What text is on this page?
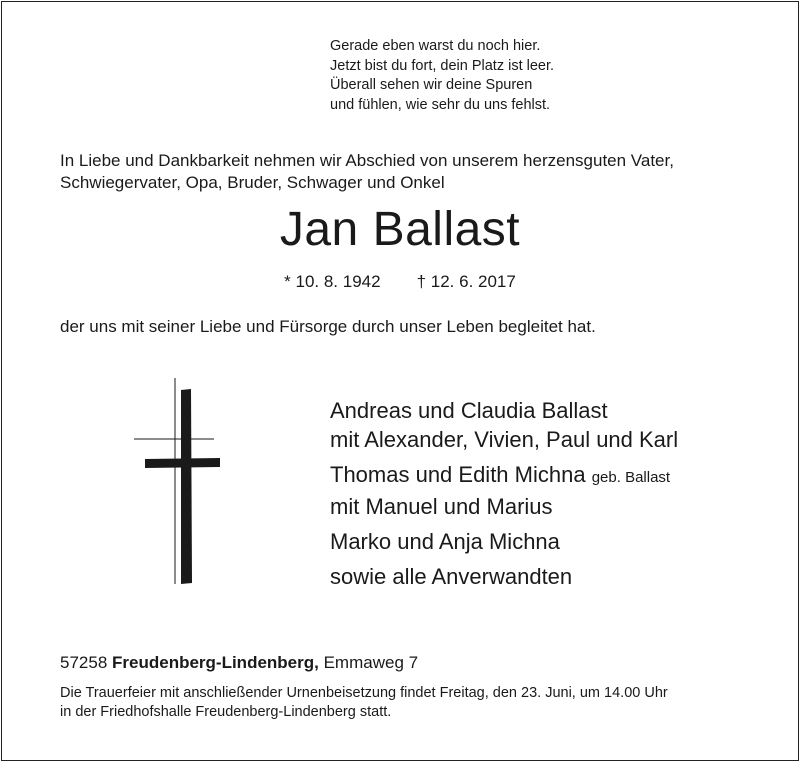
Gerade eben warst du noch hier.
Jetzt bist du fort, dein Platz ist leer.
Überall sehen wir deine Spuren
und fühlen, wie sehr du uns fehlst.
In Liebe und Dankbarkeit nehmen wir Abschied von unserem herzensguten Vater,
Schwiegervater, Opa, Bruder, Schwager und Onkel
Jan Ballast
* 10. 8. 1942 † 12. 6. 2017
der uns mit seiner Liebe und Fürsorge durch unser Leben begleitet hat.
Andreas und Claudia Ballast
mit Alexander, Vivien, Paul und Karl
Thomas und Edith Michna geb. Ballast
mit Manuel und Marius
Marko und Anja Michna
sowie alle Anverwandten
57258 Freudenberg-Lindenberg, Emmaweg 7
Die Trauerfeier mit anschließender Urnenbeisetzung findet Freitag, den 23. Juni, um 14.00 Uhr
in der Friedhofshalle Freudenberg-Lindenberg statt.
